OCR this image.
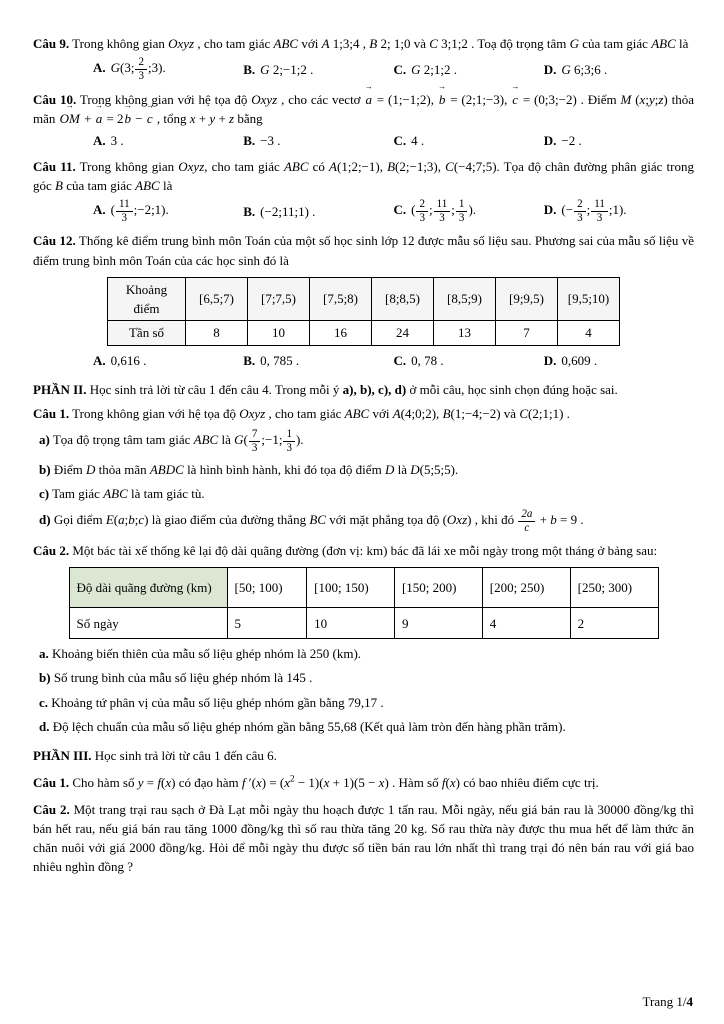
Câu 9. Trong không gian Oxyz , cho tam giác ABC với A 1;3;4 , B 2; 1;0 và C 3;1;2 . Toạ độ trọng tâm G của tam giác ABC là

A. G(3; $\frac{2}{3}$ ;3).	B. G 2;−1;2 .	C. G 2;1;2 .	D. G 6;3;6 .

Câu 10. Trong không gian với hệ tọa độ Oxyz , cho các vectơ a → = (1;−1;2), b → = (2;1;−3), c → = (0;3;−2) . Điểm M (x;y;z) thỏa mãn OM → + a → = 2b → − c → , tổng x + y + z bằng

A. 3 .	B. −3 .	C. 4 .	D. −2 .

Câu 11. Trong không gian Oxyz, cho tam giác ABC có A(1;2;−1), B(2;−1;3), C(−4;7;5). Tọa độ chân đường phân giác trong góc B của tam giác ABC là

A. ( $\frac{11}{3}$ ;−2;1).	B. (−2;11;1) .	C. ( $\frac{2}{3}$ ; $\frac{11}{3}$ ; $\frac{1}{3}$ ).	D. (− $\frac{2}{3}$ ; $\frac{11}{3}$ ;1).

Câu 12. Thống kê điểm trung bình môn Toán của một số học sinh lớp 12 được mẫu số liệu sau. Phương sai của mẫu số liệu về điểm trung bình môn Toán của các học sinh đó là

Khoảng điểm	[6,5;7)	[7;7,5)	[7,5;8)	[8;8,5)	[8,5;9)	[9;9,5)	[9,5;10)
Tần số	8	10	16	24	13	7	4
A. 0,616 .	B. 0, 785 .	C. 0, 78 .	D. 0,609 .

PHẦN II. Học sinh trả lời từ câu 1 đến câu 4. Trong mỗi ý a), b), c), d) ở mỗi câu, học sinh chọn đúng hoặc sai.

Câu 1. Trong không gian với hệ tọa độ Oxyz , cho tam giác ABC với A(4;0;2), B(1;−4;−2) và C(2;1;1) .

a) Tọa độ trọng tâm tam giác ABC là $G( \frac{7}{3}$ ;−1; $\frac{1}{3}$ ).

b) Điểm D thỏa mãn ABDC là hình bình hành, khi đó tọa độ điểm D là D(5;5;5).

c) Tam giác ABC là tam giác tù.

d) Gọi điểm E(a;b;c) là giao điểm của đường thẳng BC với mặt phẳng tọa độ (Oxz) , khi đó $\frac{2a}{c} + b = 9$ .

Câu 2. Một bác tài xế thống kê lại độ dài quãng đường (đơn vị: km) bác đã lái xe mỗi ngày trong một tháng ở bảng sau:

Độ dài quãng đường (km)	[50; 100)	[100; 150)	[150; 200)	[200; 250)	[250; 300)
Số ngày	5	10	9	4	2

a. Khoảng biến thiên của mẫu số liệu ghép nhóm là 250 (km).

b) Số trung bình của mẫu số liệu ghép nhóm là 145 .

c. Khoảng tứ phân vị của mẫu số liệu ghép nhóm gần bằng 79,17 .

d. Độ lệch chuẩn của mẫu số liệu ghép nhóm gần bằng 55,68 (Kết quả làm tròn đến hàng phần trăm).

PHẦN III. Học sinh trả lời từ câu 1 đến câu 6.

Câu 1. Cho hàm số y = f(x) có đạo hàm f $'(x) = (x^2 - 1)(x + 1)(5 - x)$ . Hàm số f(x) có bao nhiêu điểm cực trị.

Câu 2. Một trang trại rau sạch ở Đà Lạt mỗi ngày thu hoạch được 1 tấn rau. Mỗi ngày, nếu giá bán rau là 30000 đồng/kg thì bán hết rau, nếu giá bán rau tăng 1000 đồng/kg thì số rau thừa tăng 20 kg. Số rau thừa này được thu mua hết để làm thức ăn chăn nuôi với giá 2000 đồng/kg. Hỏi để mỗi ngày thu được số tiền bán rau lớn nhất thì trang trại đó nên bán rau với giá bao nhiêu nghìn đồng ?

Trang 1/4
